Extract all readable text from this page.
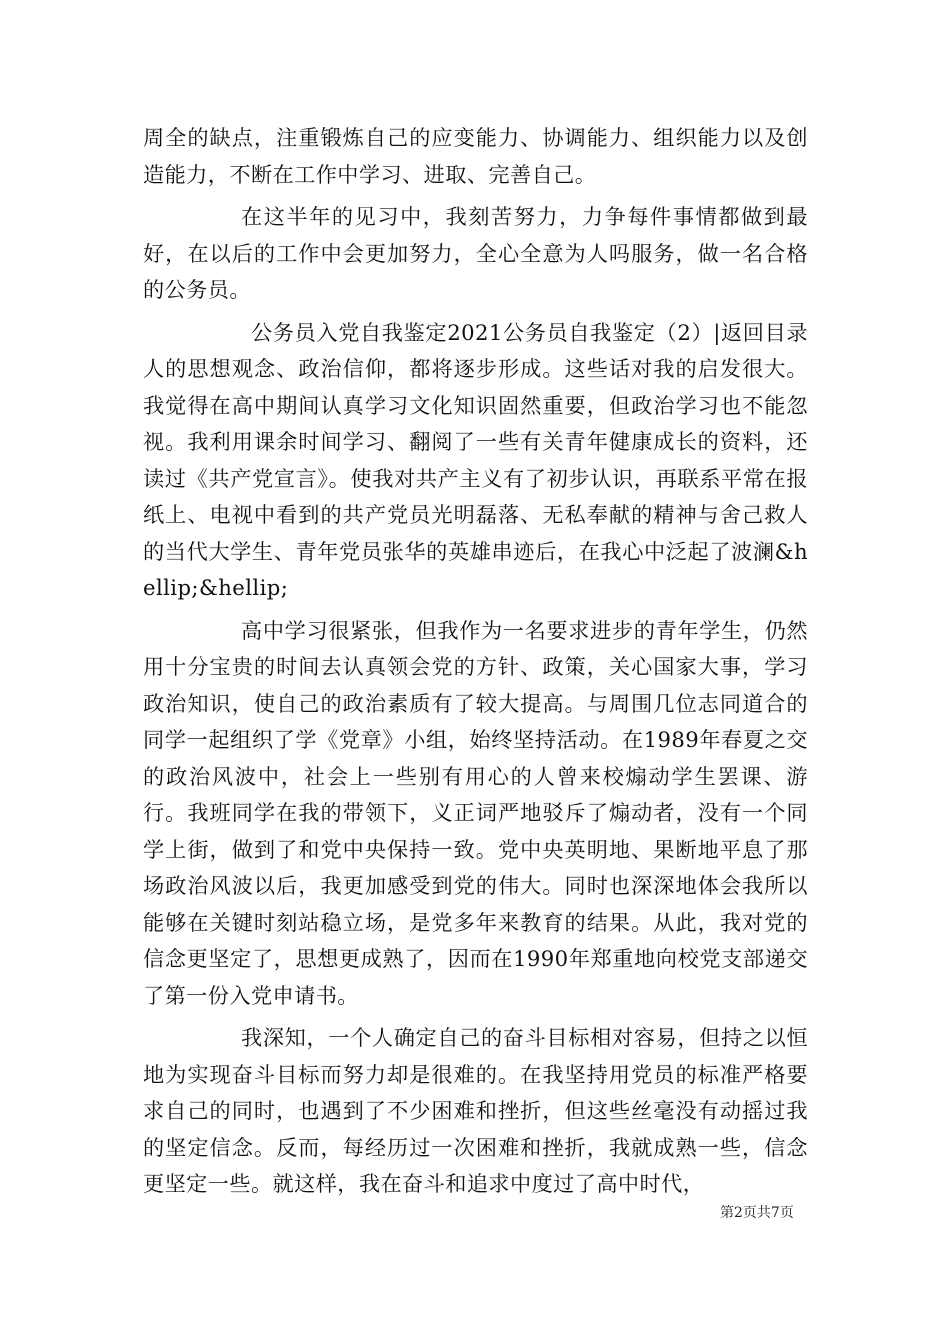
周全的缺点，注重锻炼自己的应变能力、协调能力、组织能力以及创造能力，不断在工作中学习、进取、完善自己。

在这半年的见习中，我刻苦努力，力争每件事情都做到最好，在以后的工作中会更加努力，全心全意为人吗服务，做一名合格的公务员。

公务员入党自我鉴定2021公务员自我鉴定（2）|返回目录人的思想观念、政治信仰，都将逐步形成。这些话对我的启发很大。我觉得在高中期间认真学习文化知识固然重要，但政治学习也不能忽视。我利用课余时间学习、翻阅了一些有关青年健康成长的资料，还读过《共产党宣言》。使我对共产主义有了初步认识，再联系平常在报纸上、电视中看到的共产党员光明磊落、无私奉献的精神与舍己救人的当代大学生、青年党员张华的英雄串迹后，在我心中泛起了波澜&hellip;&hellip;

高中学习很紧张，但我作为一名要求进步的青年学生，仍然用十分宝贵的时间去认真领会党的方针、政策，关心国家大事，学习政治知识，使自己的政治素质有了较大提高。与周围几位志同道合的同学一起组织了学《党章》小组，始终坚持活动。在1989年春夏之交的政治风波中，社会上一些别有用心的人曾来校煽动学生罢课、游行。我班同学在我的带领下，义正词严地驳斥了煽动者，没有一个同学上街，做到了和党中央保持一致。党中央英明地、果断地平息了那场政治风波以后，我更加感受到党的伟大。同时也深深地体会我所以能够在关键时刻站稳立场，是党多年来教育的结果。从此，我对党的信念更坚定了，思想更成熟了，因而在1990年郑重地向校党支部递交了第一份入党申请书。

我深知，一个人确定自己的奋斗目标相对容易，但持之以恒地为实现奋斗目标而努力却是很难的。在我坚持用党员的标准严格要求自己的同时，也遇到了不少困难和挫折，但这些丝毫没有动摇过我的坚定信念。反而，每经历过一次困难和挫折，我就成熟一些，信念更坚定一些。就这样，我在奋斗和追求中度过了高中时代，

第2页共7页
